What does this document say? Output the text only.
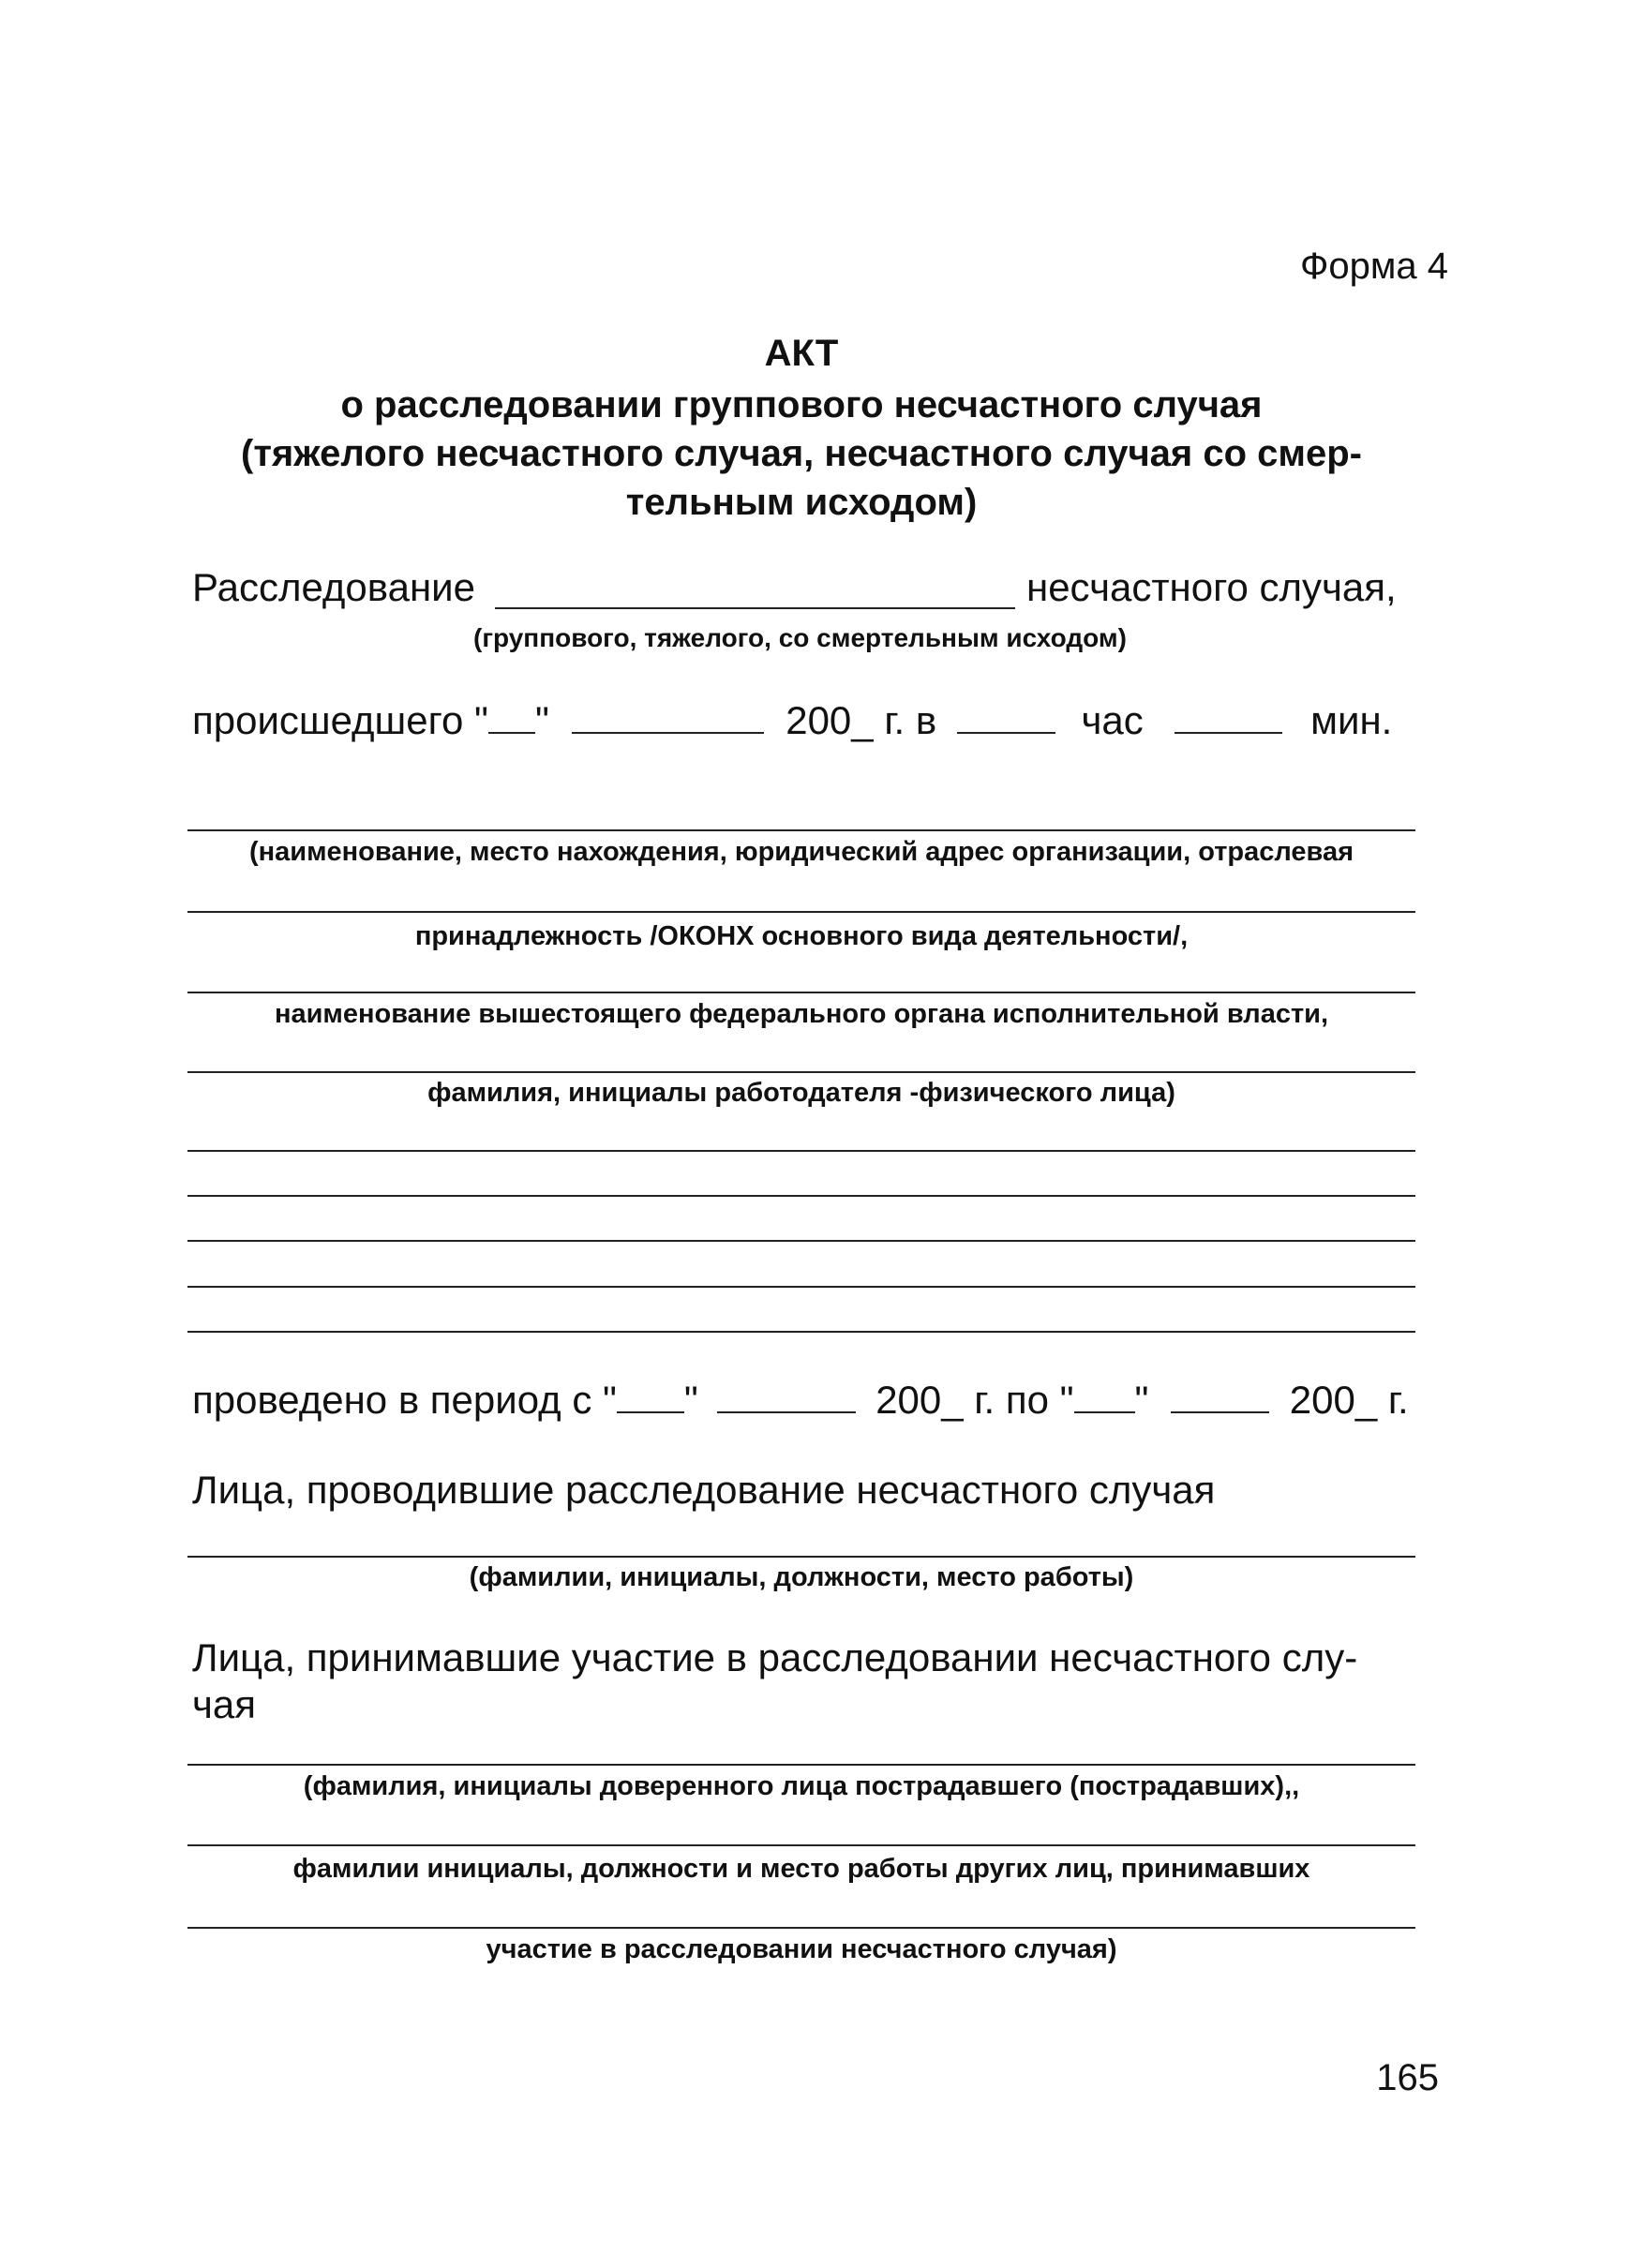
Форма 4
АКТ
о расследовании группового несчастного случая
(тяжелого несчастного случая, несчастного случая со смер-
тельным исходом)
Расследование	несчастного случая,
(группового, тяжелого, со смертельным исходом)
происшедшего " "	200_ г. в	час	мин.
(наименование, место нахождения, юридический адрес организации, отраслевая
принадлежность /ОКОНХ основного вида деятельности/,
наименование вышестоящего федерального органа исполнительной власти,
фамилия, инициалы работодателя -физического лица)
проведено в период с " "	200_ г. по " "	200_ г.
Лица, проводившие расследование несчастного случая
(фамилии, инициалы, должности, место работы)
Лица, принимавшие участие в расследовании несчастного слу-
чая
(фамилия, инициалы доверенного лица пострадавшего (пострадавших),,
фамилии инициалы, должности и место работы других лиц, принимавших
участие в расследовании несчастного случая)
165
